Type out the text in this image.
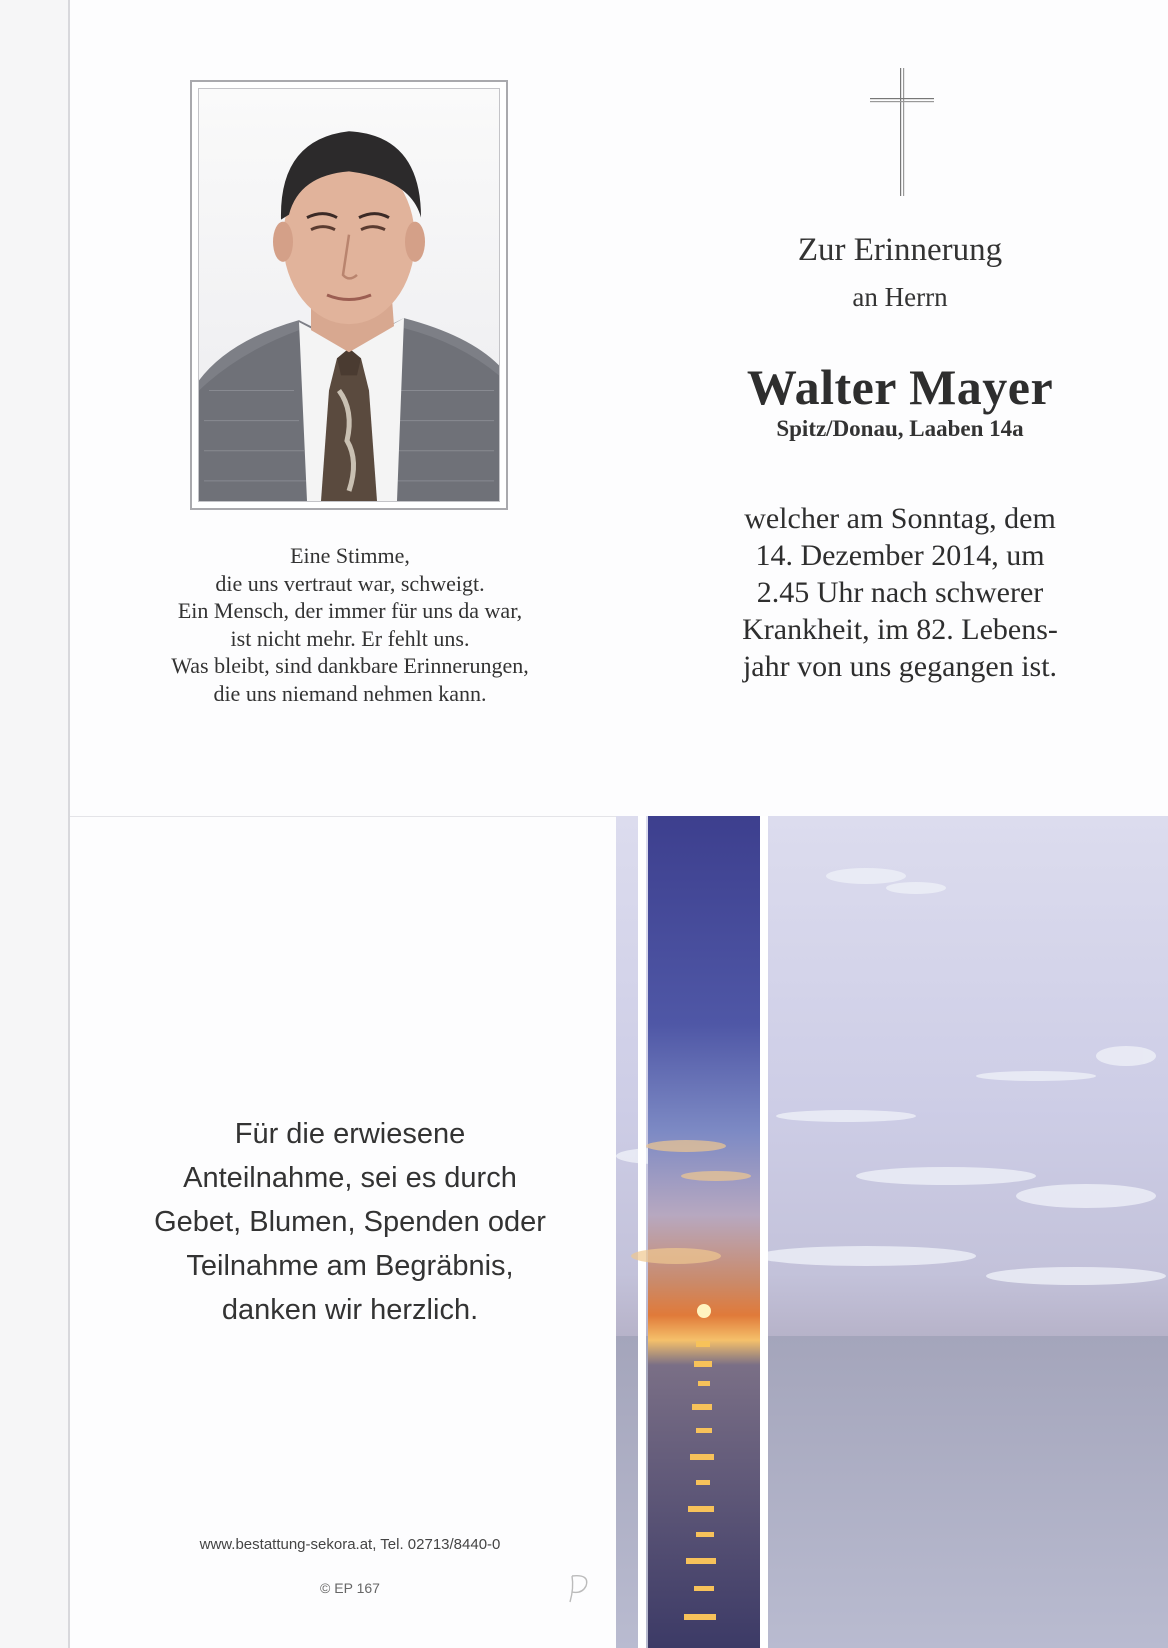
Eine Stimme,
die uns vertraut war, schweigt.
Ein Mensch, der immer für uns da war,
ist nicht mehr. Er fehlt uns.
Was bleibt, sind dankbare Erinnerungen,
die uns niemand nehmen kann.
Zur Erinnerung
an Herrn
Walter Mayer
Spitz/Donau, Laaben 14a
welcher am Sonntag, dem
14. Dezember 2014, um
2.45 Uhr nach schwerer
Krankheit, im 82. Lebens-
jahr von uns gegangen ist.
Für die erwiesene
Anteilnahme, sei es durch
Gebet, Blumen, Spenden oder
Teilnahme am Begräbnis,
danken wir herzlich.
www.bestattung-sekora.at, Tel. 02713/8440-0
© EP 167
